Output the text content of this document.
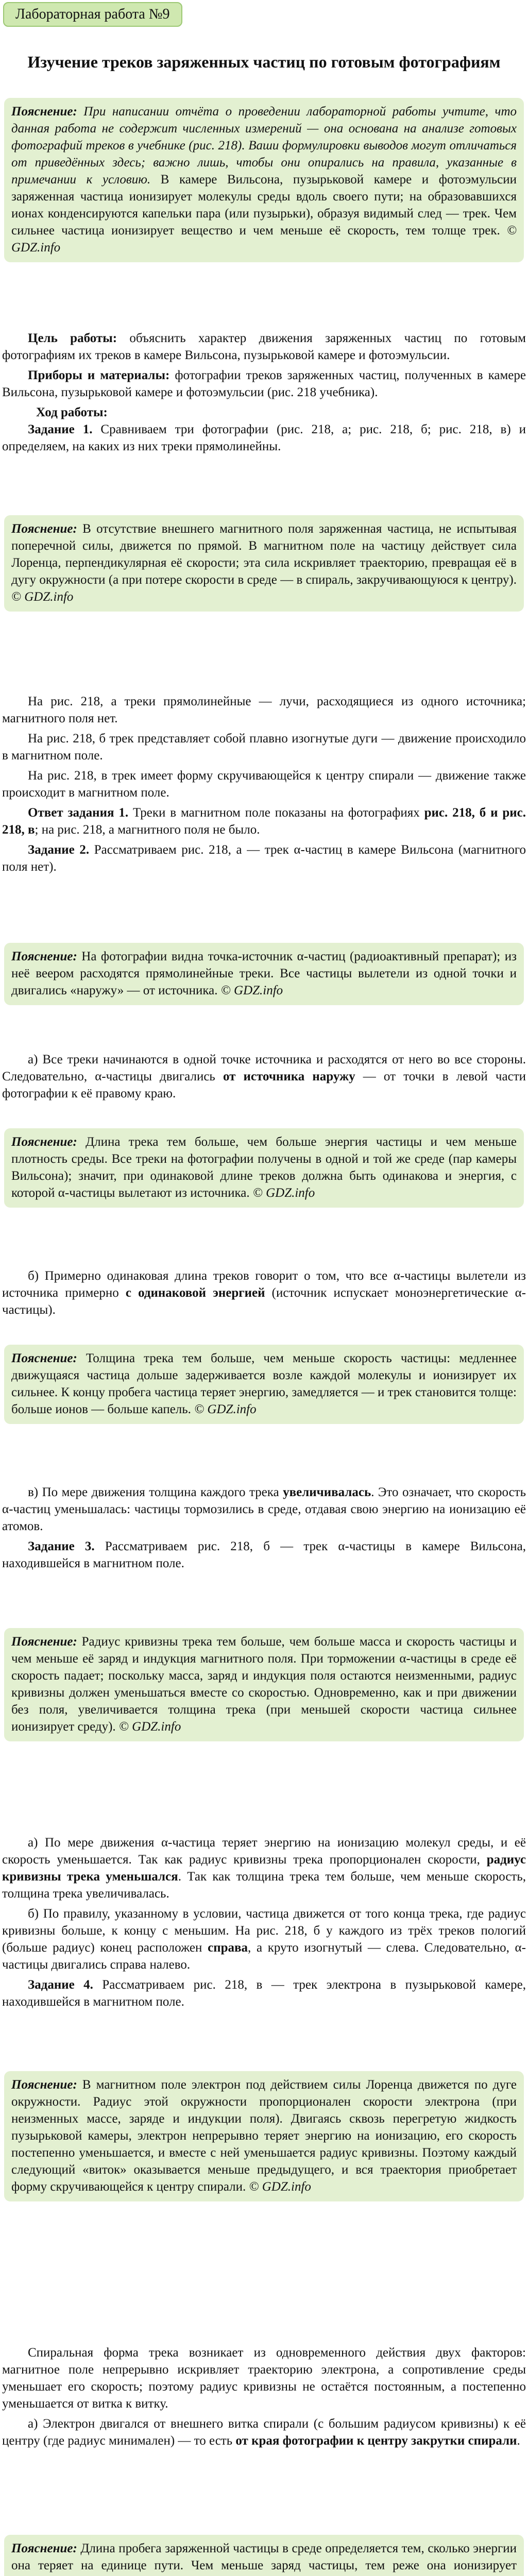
Лабораторная работа №9
Изучение треков заряженных частиц по готовым фотографиям
Пояснение: При написании отчёта о проведении лабораторной работы учтите, что данная работа не содержит численных измерений — она основана на анализе готовых фотографий треков в учебнике (рис. 218). Ваши формулировки выводов могут отличаться от приведённых здесь; важно лишь, чтобы они опирались на правила, указанные в примечании к условию. В камере Вильсона, пузырьковой камере и фотоэмульсии заряженная частица ионизирует молекулы среды вдоль своего пути; на образовавшихся ионах конденсируются капельки пара (или пузырьки), образуя видимый след — трек. Чем сильнее частица ионизирует вещество и чем меньше её скорость, тем толще трек. © GDZ.info

Цель работы: объяснить характер движения заряженных частиц по готовым фотографиям их треков в камере Вильсона, пузырьковой камере и фотоэмульсии.

Приборы и материалы: фотографии треков заряженных частиц, полученных в камере Вильсона, пузырьковой камере и фотоэмульсии (рис. 218 учебника).

Ход работы:

Задание 1. Сравниваем три фотографии (рис. 218, а; рис. 218, б; рис. 218, в) и определяем, на каких из них треки прямолинейны.

Пояснение: В отсутствие внешнего магнитного поля заряженная частица, не испытывая поперечной силы, движется по прямой. В магнитном поле на частицу действует сила Лоренца, перпендикулярная её скорости; эта сила искривляет траекторию, превращая её в дугу окружности (а при потере скорости в среде — в спираль, закручивающуюся к центру). © GDZ.info

На рис. 218, а треки прямолинейные — лучи, расходящиеся из одного источника; магнитного поля нет.

На рис. 218, б трек представляет собой плавно изогнутые дуги — движение происходило в магнитном поле.

На рис. 218, в трек имеет форму скручивающейся к центру спирали — движение также происходит в магнитном поле.

Ответ задания 1. Треки в магнитном поле показаны на фотографиях рис. 218, б и рис. 218, в; на рис. 218, а магнитного поля не было.

Задание 2. Рассматриваем рис. 218, а — трек α-частиц в камере Вильсона (магнитного поля нет).

Пояснение: На фотографии видна точка-источник α-частиц (радиоактивный препарат); из неё веером расходятся прямолинейные треки. Все частицы вылетели из одной точки и двигались «наружу» — от источника. © GDZ.info

а) Все треки начинаются в одной точке источника и расходятся от него во все стороны. Следовательно, α-частицы двигались от источника наружу — от точки в левой части фотографии к её правому краю.

Пояснение: Длина трека тем больше, чем больше энергия частицы и чем меньше плотность среды. Все треки на фотографии получены в одной и той же среде (пар камеры Вильсона); значит, при одинаковой длине треков должна быть одинакова и энергия, с которой α-частицы вылетают из источника. © GDZ.info

б) Примерно одинаковая длина треков говорит о том, что все α-частицы вылетели из источника примерно с одинаковой энергией (источник испускает моноэнергетические α-частицы).

Пояснение: Толщина трека тем больше, чем меньше скорость частицы: медленнее движущаяся частица дольше задерживается возле каждой молекулы и ионизирует их сильнее. К концу пробега частица теряет энергию, замедляется — и трек становится толще: больше ионов — больше капель. © GDZ.info

в) По мере движения толщина каждого трека увеличивалась. Это означает, что скорость α-частиц уменьшалась: частицы тормозились в среде, отдавая свою энергию на ионизацию её атомов.

Задание 3. Рассматриваем рис. 218, б — трек α-частицы в камере Вильсона, находившейся в магнитном поле.

Пояснение: Радиус кривизны трека тем больше, чем больше масса и скорость частицы и чем меньше её заряд и индукция магнитного поля. При торможении α-частицы в среде её скорость падает; поскольку масса, заряд и индукция поля остаются неизменными, радиус кривизны должен уменьшаться вместе со скоростью. Одновременно, как и при движении без поля, увеличивается толщина трека (при меньшей скорости частица сильнее ионизирует среду). © GDZ.info

а) По мере движения α-частица теряет энергию на ионизацию молекул среды, и её скорость уменьшается. Так как радиус кривизны трека пропорционален скорости, радиус кривизны трека уменьшался. Так как толщина трека тем больше, чем меньше скорость, толщина трека увеличивалась.

б) По правилу, указанному в условии, частица движется от того конца трека, где радиус кривизны больше, к концу с меньшим. На рис. 218, б у каждого из трёх треков пологий (больше радиус) конец расположен справа, а круто изогнутый — слева. Следовательно, α-частицы двигались справа налево.

Задание 4. Рассматриваем рис. 218, в — трек электрона в пузырьковой камере, находившейся в магнитном поле.

Пояснение: В магнитном поле электрон под действием силы Лоренца движется по дуге окружности. Радиус этой окружности пропорционален скорости электрона (при неизменных массе, заряде и индукции поля). Двигаясь сквозь перегретую жидкость пузырьковой камеры, электрон непрерывно теряет энергию на ионизацию, его скорость постепенно уменьшается, и вместе с ней уменьшается радиус кривизны. Поэтому каждый следующий «виток» оказывается меньше предыдущего, и вся траектория приобретает форму скручивающейся к центру спирали. © GDZ.info

Спиральная форма трека возникает из одновременного действия двух факторов: магнитное поле непрерывно искривляет траекторию электрона, а сопротивление среды уменьшает его скорость; поэтому радиус кривизны не остаётся постоянным, а постепенно уменьшается от витка к витку.

а) Электрон двигался от внешнего витка спирали (с большим радиусом кривизны) к её центру (где радиус минимален) — то есть от края фотографии к центру закрутки спирали.

Пояснение: Длина пробега заряженной частицы в среде определяется тем, сколько энергии она теряет на единице пути. Чем меньше заряд частицы, тем реже она ионизирует
